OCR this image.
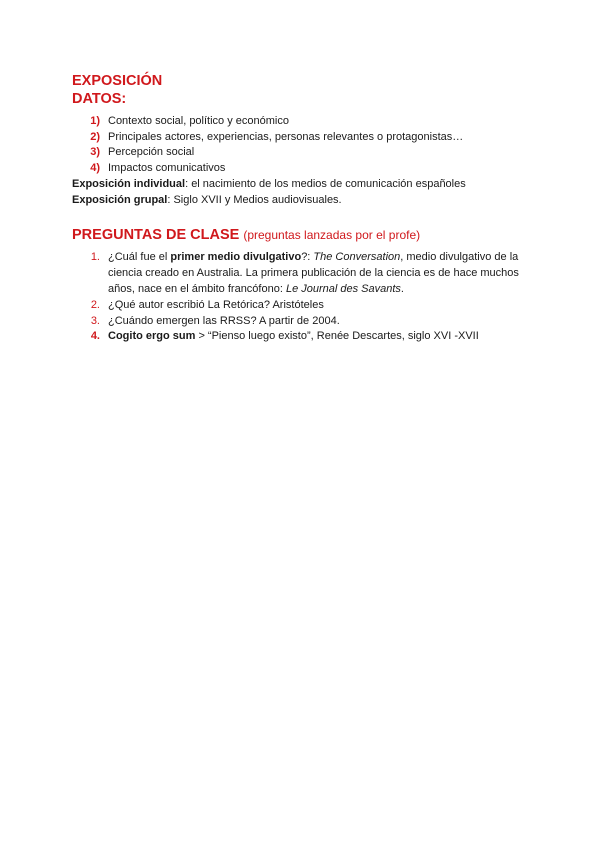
EXPOSICIÓN
DATOS:
1) Contexto social, político y económico
2) Principales actores, experiencias, personas relevantes o protagonistas…
3) Percepción social
4) Impactos comunicativos

Exposición individual: el nacimiento de los medios de comunicación españoles

Exposición grupal: Siglo XVII y Medios audiovisuales.

PREGUNTAS DE CLASE (preguntas lanzadas por el profe)
1. ¿Cuál fue el primer medio divulgativo?: The Conversation, medio divulgativo de la ciencia creado en Australia. La primera publicación de la ciencia es de hace muchos años, nace en el ámbito francófono: Le Journal des Savants.
2. ¿Qué autor escribió La Retórica? Aristóteles
3. ¿Cuándo emergen las RRSS? A partir de 2004.
4. Cogito ergo sum > “Pienso luego existo”, Renée Descartes, siglo XVI -XVII
